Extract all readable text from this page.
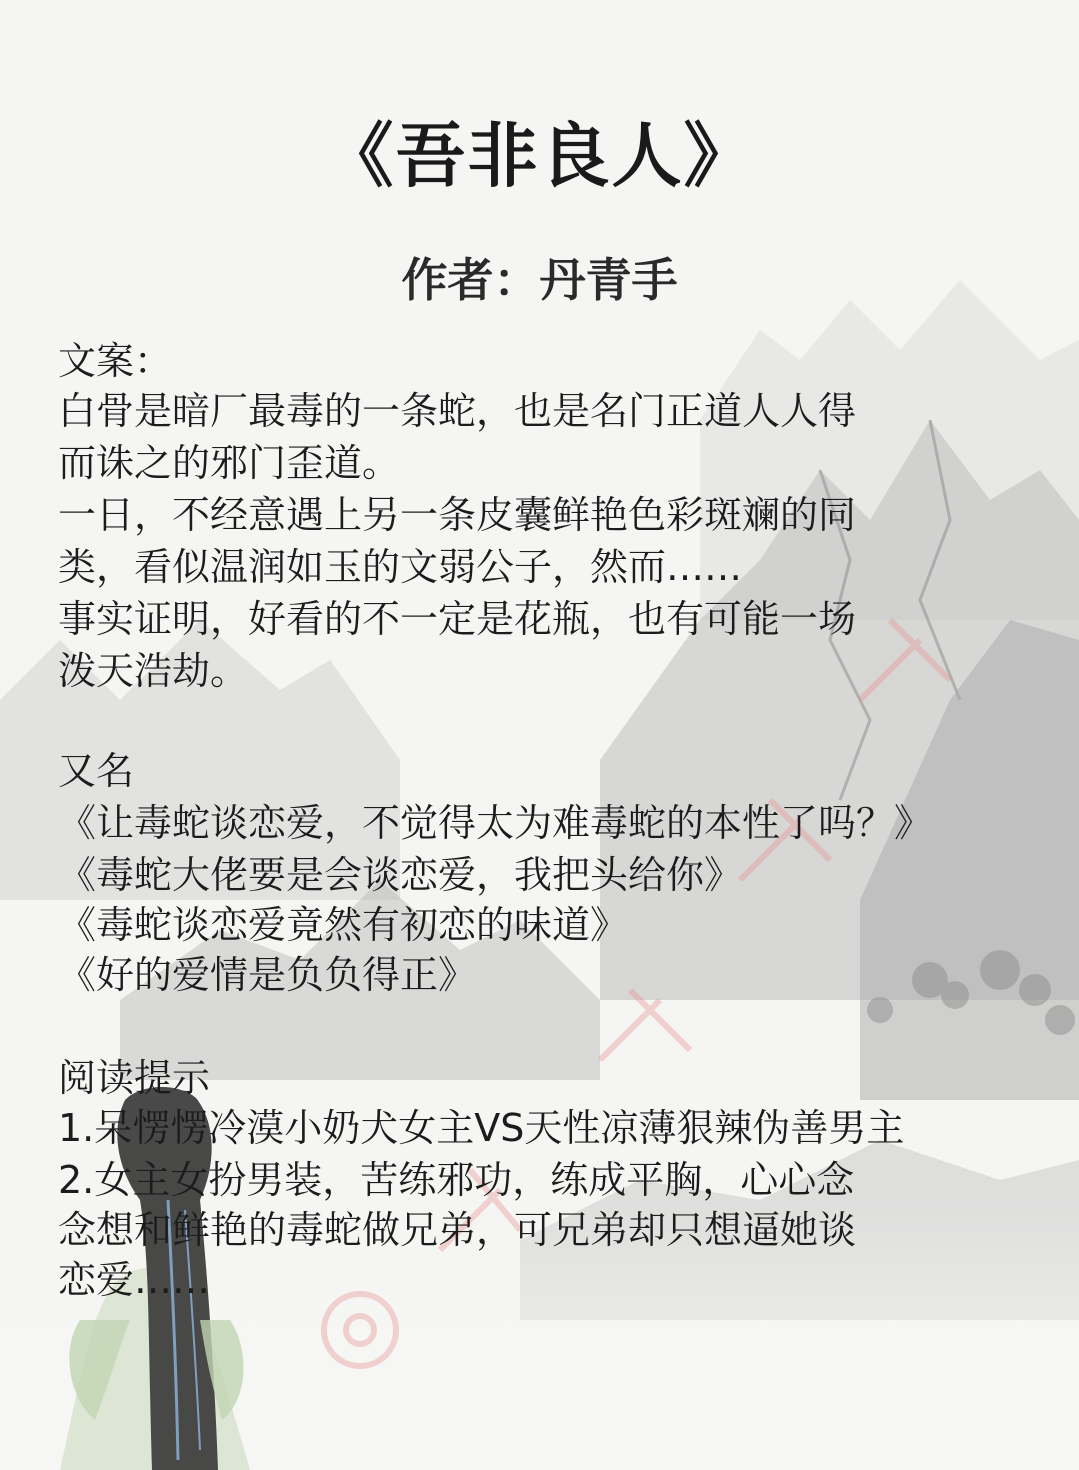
《吾非良人》
作者：丹青手
文案：
白骨是暗厂最毒的一条蛇，也是名门正道人人得
而诛之的邪门歪道。
一日，不经意遇上另一条皮囊鲜艳色彩斑斓的同
类，看似温润如玉的文弱公子，然而……
事实证明，好看的不一定是花瓶，也有可能一场
泼天浩劫。
又名
《让毒蛇谈恋爱，不觉得太为难毒蛇的本性了吗？》
《毒蛇大佬要是会谈恋爱，我把头给你》
《毒蛇谈恋爱竟然有初恋的味道》
《好的爱情是负负得正》
阅读提示
1.呆愣愣冷漠小奶犬女主VS天性凉薄狠辣伪善男主
2.女主女扮男装，苦练邪功，练成平胸，心心念
念想和鲜艳的毒蛇做兄弟，可兄弟却只想逼她谈
恋爱……
